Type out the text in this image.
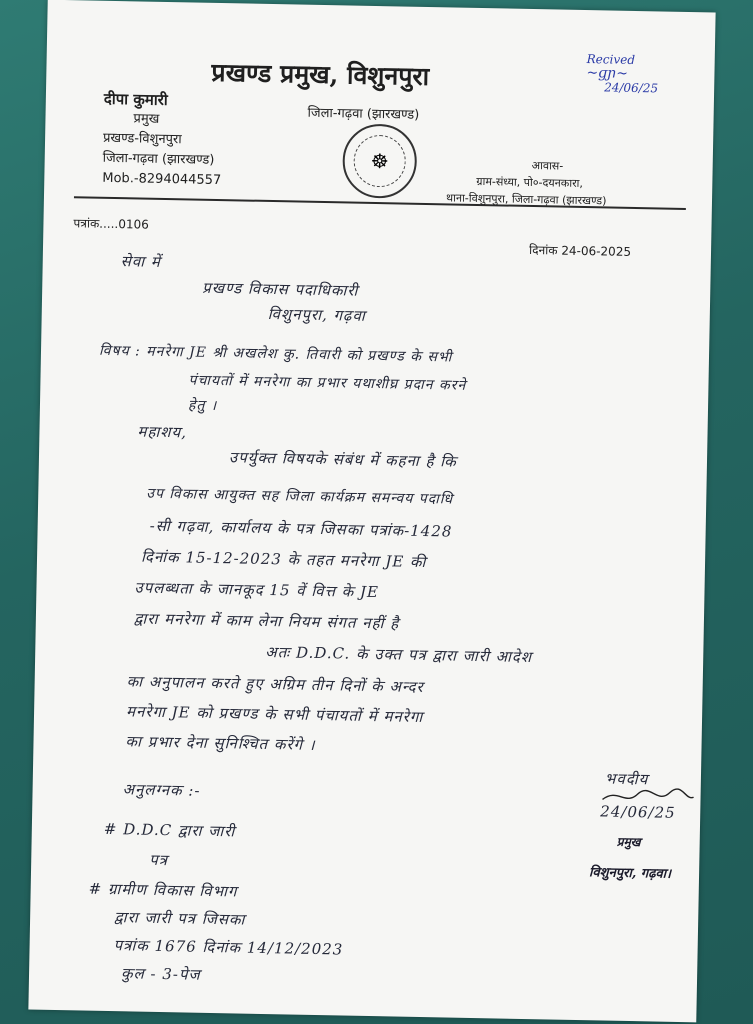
प्रखण्ड प्रमुख, विशुनपुरा
जिला-गढ़वा (झारखण्ड)
दीपा कुमारी
प्रमुख
प्रखण्ड-विशुनपुरा
जिला-गढ़वा (झारखण्ड)
Mob.-8294044557
☸	आवास-
ग्राम-संध्या, पो०-दयनकारा,
थाना-विशुनपुरा, जिला-गढ़वा (झारखण्ड)
Recived
~ɡɲ~
24/06/25
पत्रांक.....0106
दिनांक 24-06-2025
सेवा में
प्रखण्ड विकास पदाधिकारी
विशुनपुरा, गढ़वा
विषय : मनरेगा JE श्री अखलेश कु. तिवारी को प्रखण्ड के सभी
पंचायतों में मनरेगा का प्रभार यथाशीघ्र प्रदान करने
हेतु ।
महाशय,
उपर्युक्त विषयके संबंध में कहना है कि
उप विकास आयुक्त सह जिला कार्यक्रम समन्वय पदाधि
-सी गढ़वा, कार्यालय के पत्र जिसका पत्रांक-1428
दिनांक 15-12-2023 के तहत मनरेगा JE की
उपलब्धता के जानकूद 15 वें वित्त के JE
द्वारा मनरेगा में काम लेना नियम संगत नहीं है
अतः D.D.C. के उक्त पत्र द्वारा जारी आदेश
का अनुपालन करते हुए अग्रिम तीन दिनों के अन्दर
मनरेगा JE को प्रखण्ड के सभी पंचायतों में मनरेगा
का प्रभार देना सुनिश्चित करेंगे ।
भवदीय
24/06/25
प्रमुख
विशुनपुरा, गढ़वा।
अनुलग्नक :-
# D.D.C द्वारा जारी
पत्र
# ग्रामीण विकास विभाग
द्वारा जारी पत्र जिसका
पत्रांक 1676 दिनांक 14/12/2023
कुल - 3-पेज
